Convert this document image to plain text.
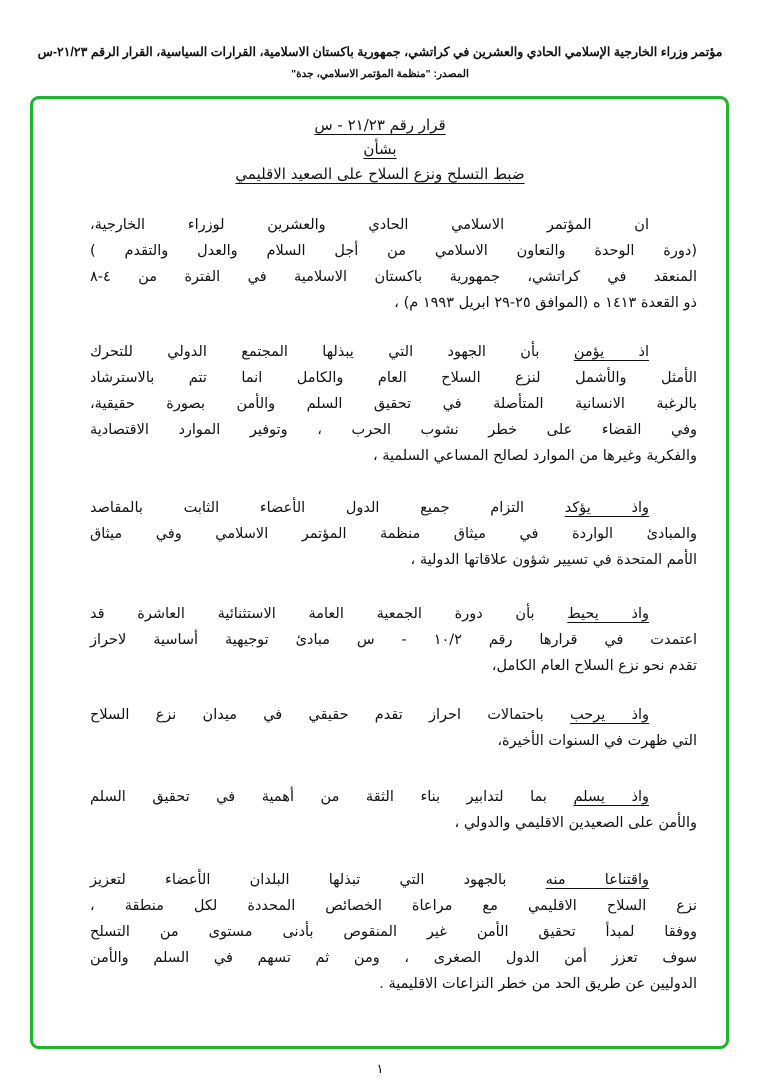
مؤتمر وزراء الخارجية الإسلامي الحادي والعشرين في كراتشي، جمهورية باكستان الاسلامية، القرارات السياسية، القرار الرقم ٢١/٢٣-س
المصدر: "منظمة المؤتمر الاسلامي، جدة"
قرار رقم ٢١/٢٣ - س
بشأن
ضبط التسلح ونزع السلاح على الصعيد الاقليمي
ان المؤتمر الاسلامي الحادي والعشرين لوزراء الخارجية،
(دورة الوحدة والتعاون الاسلامي من أجل السلام والعدل والتقدم )
المنعقد في كراتشي، جمهورية باكستان الاسلامية في الفترة من ٤-٨
ذو القعدة ١٤١٣ ه (الموافق ٢٥-٢٩ ابريل ١٩٩٣ م) ،
اذ يؤمن بأن الجهود التي يبذلها المجتمع الدولي للتحرك
الأمثل والأشمل لنزع السلاح العام والكامل انما تتم بالاسترشاد
بالرغبة الانسانية المتأصلة في تحقيق السلم والأمن بصورة حقيقية،
وفي القضاء على خطر نشوب الحرب ، وتوفير الموارد الاقتصادية
والفكرية وغيرها من الموارد لصالح المساعي السلمية ،
واذ يؤكد التزام جميع الدول الأعضاء الثابت بالمقاصد
والمبادئ الواردة في ميثاق منظمة المؤتمر الاسلامي وفي ميثاق
الأمم المتحدة في تسيير شؤون علاقاتها الدولية ،
واذ يحيط بأن دورة الجمعية العامة الاستثنائية العاشرة قد
اعتمدت في قرارها رقم ١٠/٢ - س مبادئ توجيهية أساسية لاحراز
تقدم نحو نزع السلاح العام الكامل،
واذ يرحب باحتمالات احراز تقدم حقيقي في ميدان نزع السلاح
التي ظهرت في السنوات الأخيرة،
واذ يسلم بما لتدابير بناء الثقة من أهمية في تحقيق السلم
والأمن على الصعيدين الاقليمي والدولي ،
واقتناعا منه بالجهود التي تبذلها البلدان الأعضاء لتعزيز
نزع السلاح الاقليمي مع مراعاة الخصائص المحددة لكل منطقة ،
ووفقا لمبدأ تحقيق الأمن غير المنقوص بأدنى مستوى من التسلح
سوف تعزز أمن الدول الصغرى ، ومن ثم تسهم في السلم والأمن
الدوليين عن طريق الحد من خطر النزاعات الاقليمية .
١
